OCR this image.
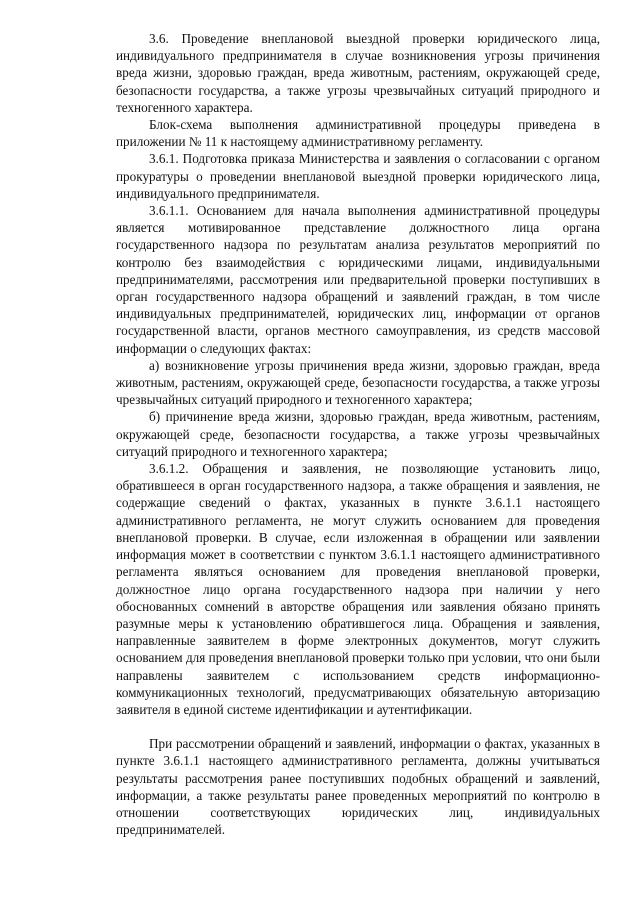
3.6. Проведение внеплановой выездной проверки юридического лица, индивидуального предпринимателя в случае возникновения угрозы причинения вреда жизни, здоровью граждан, вреда животным, растениям, окружающей среде, безопасности государства, а также угрозы чрезвычайных ситуаций природного и техногенного характера.

Блок-схема выполнения административной процедуры приведена в приложении № 11 к настоящему административному регламенту.

3.6.1. Подготовка приказа Министерства и заявления о согласовании с органом прокуратуры о проведении внеплановой выездной проверки юридического лица, индивидуального предпринимателя.

3.6.1.1. Основанием для начала выполнения административной процедуры является мотивированное представление должностного лица органа государственного надзора по результатам анализа результатов мероприятий по контролю без взаимодействия с юридическими лицами, индивидуальными предпринимателями, рассмотрения или предварительной проверки поступивших в орган государственного надзора обращений и заявлений граждан, в том числе индивидуальных предпринимателей, юридических лиц, информации от органов государственной власти, органов местного самоуправления, из средств массовой информации о следующих фактах:

а) возникновение угрозы причинения вреда жизни, здоровью граждан, вреда животным, растениям, окружающей среде, безопасности государства, а также угрозы чрезвычайных ситуаций природного и техногенного характера;

б) причинение вреда жизни, здоровью граждан, вреда животным, растениям, окружающей среде, безопасности государства, а также угрозы чрезвычайных ситуаций природного и техногенного характера;

3.6.1.2. Обращения и заявления, не позволяющие установить лицо, обратившееся в орган государственного надзора, а также обращения и заявления, не содержащие сведений о фактах, указанных в пункте 3.6.1.1 настоящего административного регламента, не могут служить основанием для проведения внеплановой проверки. В случае, если изложенная в обращении или заявлении информация может в соответствии с пунктом 3.6.1.1 настоящего административного регламента являться основанием для проведения внеплановой проверки, должностное лицо органа государственного надзора при наличии у него обоснованных сомнений в авторстве обращения или заявления обязано принять разумные меры к установлению обратившегося лица. Обращения и заявления, направленные заявителем в форме электронных документов, могут служить основанием для проведения внеплановой проверки только при условии, что они были направлены заявителем с использованием средств информационно-коммуникационных технологий, предусматривающих обязательную авторизацию заявителя в единой системе идентификации и аутентификации.

При рассмотрении обращений и заявлений, информации о фактах, указанных в пункте 3.6.1.1 настоящего административного регламента, должны учитываться результаты рассмотрения ранее поступивших подобных обращений и заявлений, информации, а также результаты ранее проведенных мероприятий по контролю в отношении соответствующих юридических лиц, индивидуальных предпринимателей.
